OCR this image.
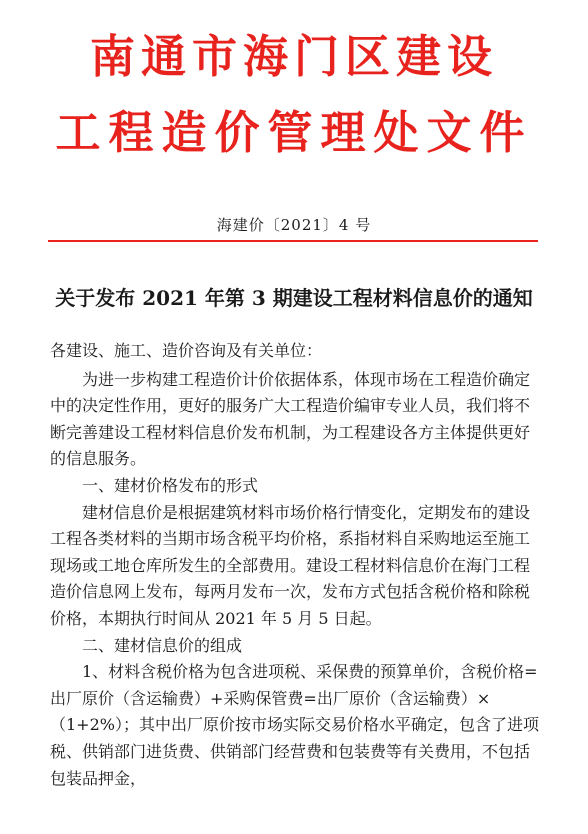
南通市海门区建设
工程造价管理处文件
海建价〔2021〕4 号
关于发布 2021 年第 3 期建设工程材料信息价的通知

各建设、施工、造价咨询及有关单位：

为进一步构建工程造价计价依据体系，体现市场在工程造价确定中的决定性作用，更好的服务广大工程造价编审专业人员，我们将不断完善建设工程材料信息价发布机制，为工程建设各方主体提供更好的信息服务。

一、建材价格发布的形式

建材信息价是根据建筑材料市场价格行情变化，定期发布的建设工程各类材料的当期市场含税平均价格，系指材料自采购地运至施工现场或工地仓库所发生的全部费用。建设工程材料信息价在海门工程造价信息网上发布，每两月发布一次，发布方式包括含税价格和除税价格，本期执行时间从 2021 年 5 月 5 日起。

二、建材信息价的组成

1、材料含税价格为包含进项税、采保费的预算单价，含税价格=出厂原价（含运输费）+采购保管费=出厂原价（含运输费）×（1+2%）；其中出厂原价按市场实际交易价格水平确定，包含了进项税、供销部门进货费、供销部门经营费和包装费等有关费用，不包括包装品押金，
